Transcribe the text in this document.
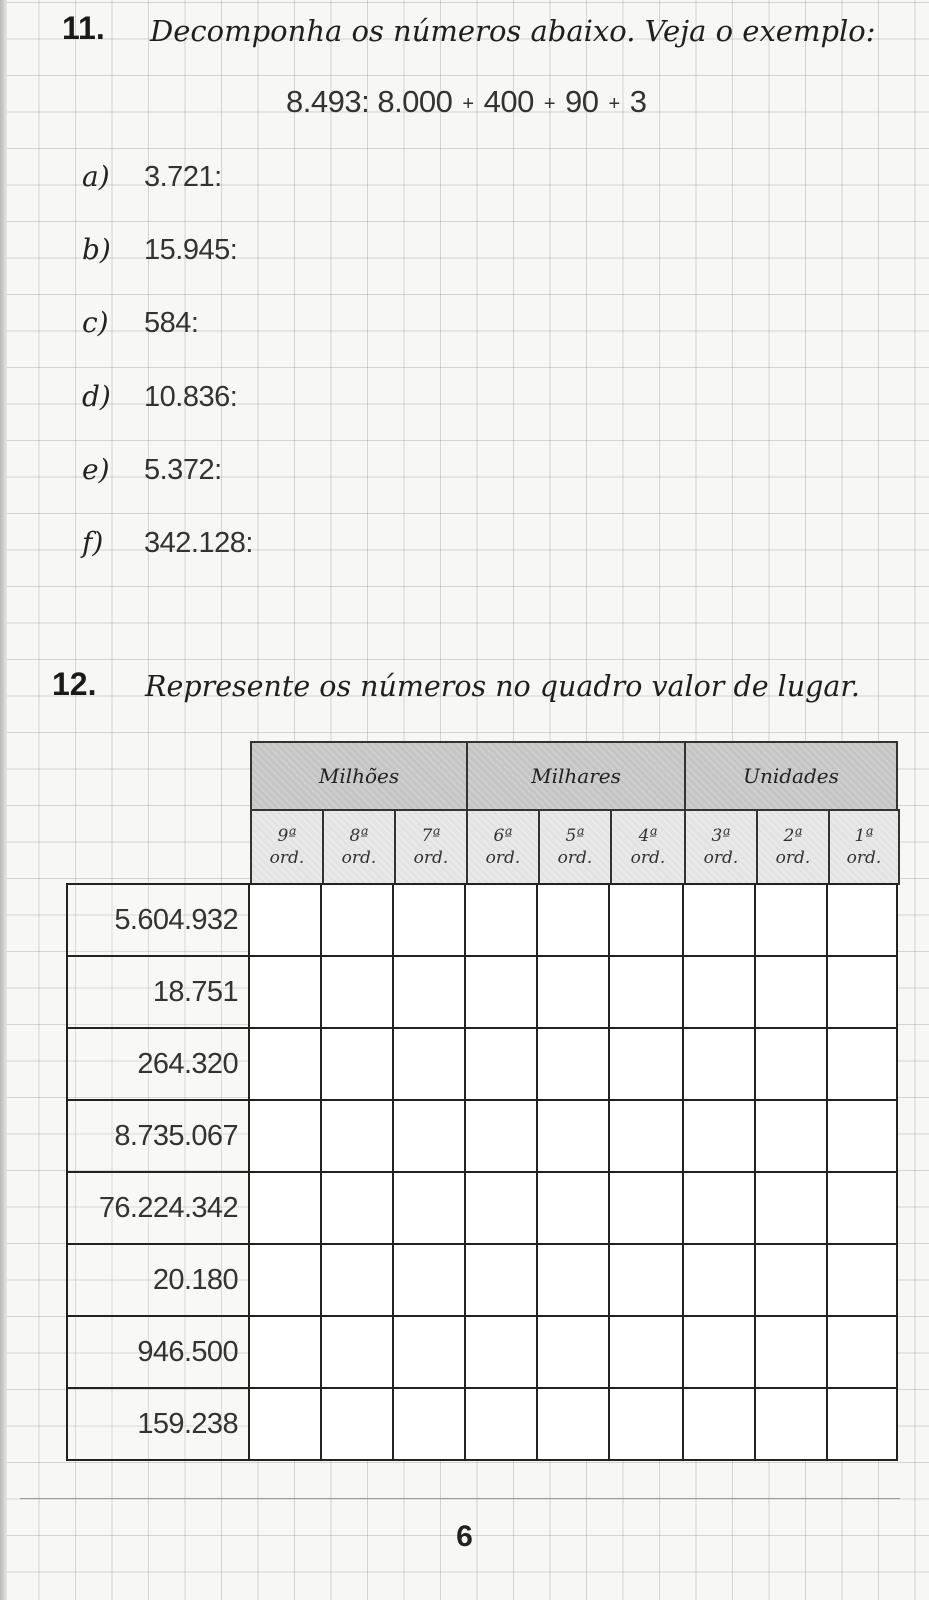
11. Decomponha os números abaixo. Veja o exemplo:
8.493: 8.000 + 400 + 90 + 3
a) 3.721:
b) 15.945:
c) 584:
d) 10.836:
e) 5.372:
f) 342.128:
12. Represente os números no quadro valor de lugar.
Milhões	Milhares	Unidades
9ª
ord.
8ª
ord.
7ª
ord.
6ª
ord.
5ª
ord.
4ª
ord.
3ª
ord.
2ª
ord.
1ª
ord.
5.604.932
18.751
264.320
8.735.067
76.224.342
20.180
946.500
159.238
6
